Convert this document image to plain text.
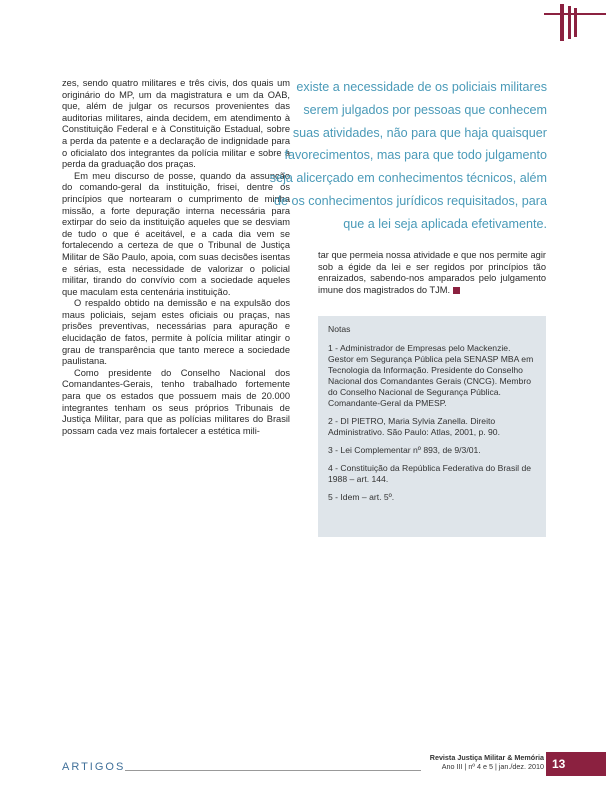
zes, sendo quatro militares e três civis, dos quais um originário do MP, um da magistratura e um da OAB, que, além de julgar os recursos provenientes das auditorias militares, ainda decidem, em atendimento à Constituição Federal e à Constituição Estadual, sobre a perda da patente e a declaração de indignidade para o oficialato dos integrantes da polícia militar e sobre a perda da graduação dos praças.

Em meu discurso de posse, quando da assunção do comando-geral da instituição, frisei, dentre os princípios que nortearam o cumprimento de minha missão, a forte depuração interna necessária para extirpar do seio da instituição aqueles que se desviam de tudo o que é aceitável, e a cada dia vem se fortalecendo a certeza de que o Tribunal de Justiça Militar de São Paulo, apoia, com suas decisões isentas e sérias, esta necessidade de valorizar o policial militar, tirando do convívio com a sociedade aqueles que maculam esta centenária instituição.

O respaldo obtido na demissão e na expulsão dos maus policiais, sejam estes oficiais ou praças, nas prisões preventivas, necessárias para apuração e elucidação de fatos, permite à polícia militar atingir o grau de transparência que tanto merece a sociedade paulistana.

Como presidente do Conselho Nacional dos Comandantes-Gerais, tenho trabalhado fortemente para que os estados que possuem mais de 20.000 integrantes tenham os seus próprios Tribunais de Justiça Militar, para que as polícias militares do Brasil possam cada vez mais fortalecer a estética mili-

existe a necessidade de os policiais militares
serem julgados por pessoas que conhecem
suas atividades, não para que haja quaisquer
favorecimentos, mas para que todo julgamento
seja alicerçado em conhecimentos técnicos, além
de os conhecimentos jurídicos requisitados, para
que a lei seja aplicada efetivamente.

tar que permeia nossa atividade e que nos permite agir sob a égide da lei e ser regidos por princípios tão enraizados, sabendo-nos amparados pelo julgamento imune dos magistrados do TJM.

Notas

1 - Administrador de Empresas pelo Mackenzie. Gestor em Segurança Pública pela SENASP MBA em Tecnologia da Informação. Presidente do Conselho Nacional dos Comandantes Gerais (CNCG). Membro do Conselho Nacional de Segurança Pública. Comandante-Geral da PMESP.

2 - DI PIETRO, Maria Sylvia Zanella. Direito Administrativo. São Paulo: Atlas, 2001, p. 90.

3 - Lei Complementar nº 893, de 9/3/01.

4 - Constituição da República Federativa do Brasil de 1988 – art. 144.

5 - Idem – art. 5º.

ARTIGOS
Revista Justiça Militar & Memória
Ano III | nº 4 e 5 | jan./dez. 2010 13
